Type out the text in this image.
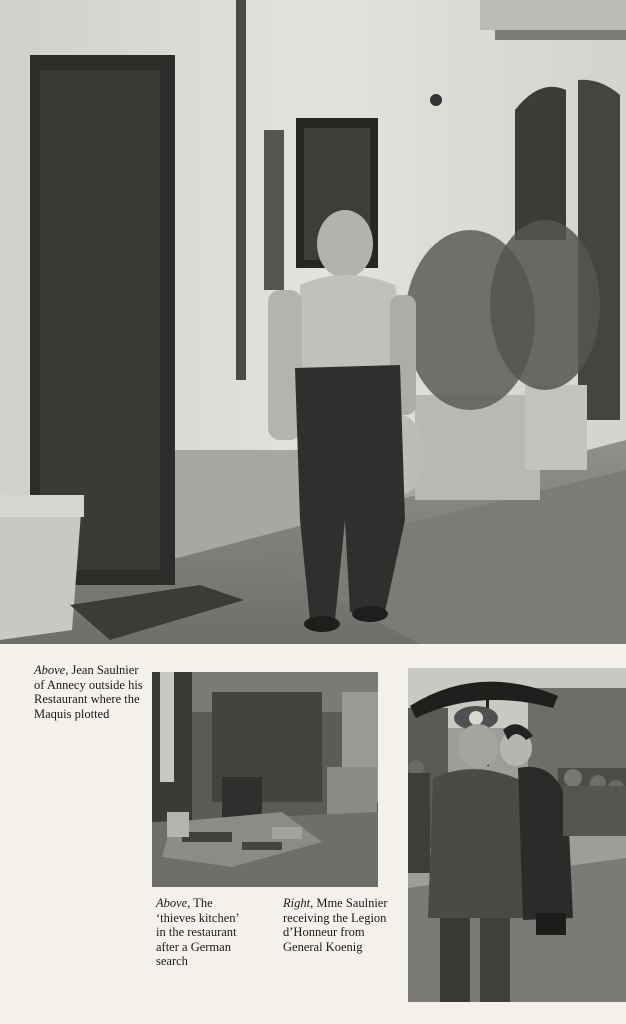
Above, Jean Saulnier of Annecy outside his Restaurant where the Maquis plotted
Above, The ‘thieves kitchen’ in the restaurant after a German search
Right, Mme Saulnier receiving the Legion d’Honneur from General Koenig
